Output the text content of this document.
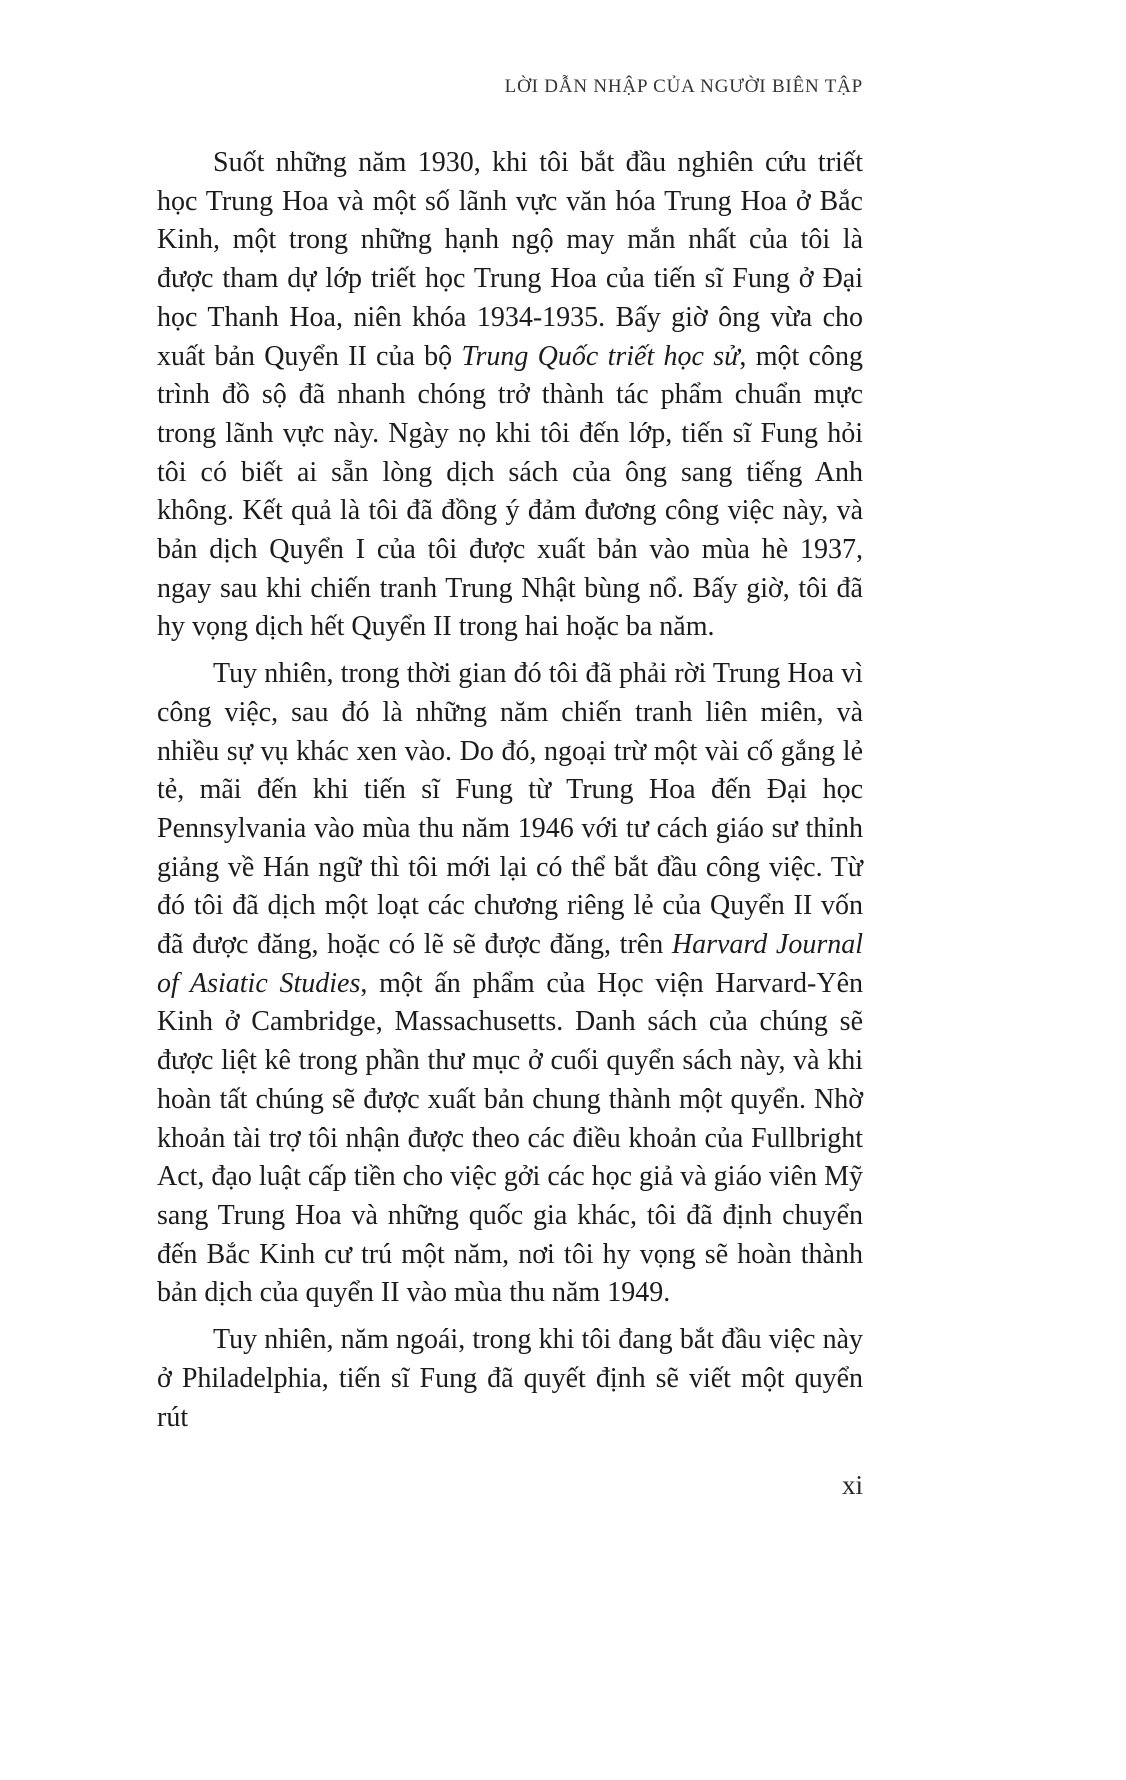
LỜI DẪN NHẬP CỦA NGƯỜI BIÊN TẬP

Suốt những năm 1930, khi tôi bắt đầu nghiên cứu triết học Trung Hoa và một số lãnh vực văn hóa Trung Hoa ở Bắc Kinh, một trong những hạnh ngộ may mắn nhất của tôi là được tham dự lớp triết học Trung Hoa của tiến sĩ Fung ở Đại học Thanh Hoa, niên khóa 1934-1935. Bấy giờ ông vừa cho xuất bản Quyển II của bộ Trung Quốc triết học sử, một công trình đồ sộ đã nhanh chóng trở thành tác phẩm chuẩn mực trong lãnh vực này. Ngày nọ khi tôi đến lớp, tiến sĩ Fung hỏi tôi có biết ai sẵn lòng dịch sách của ông sang tiếng Anh không. Kết quả là tôi đã đồng ý đảm đương công việc này, và bản dịch Quyển I của tôi được xuất bản vào mùa hè 1937, ngay sau khi chiến tranh Trung Nhật bùng nổ. Bấy giờ, tôi đã hy vọng dịch hết Quyển II trong hai hoặc ba năm.

Tuy nhiên, trong thời gian đó tôi đã phải rời Trung Hoa vì công việc, sau đó là những năm chiến tranh liên miên, và nhiều sự vụ khác xen vào. Do đó, ngoại trừ một vài cố gắng lẻ tẻ, mãi đến khi tiến sĩ Fung từ Trung Hoa đến Đại học Pennsylvania vào mùa thu năm 1946 với tư cách giáo sư thỉnh giảng về Hán ngữ thì tôi mới lại có thể bắt đầu công việc. Từ đó tôi đã dịch một loạt các chương riêng lẻ của Quyển II vốn đã được đăng, hoặc có lẽ sẽ được đăng, trên Harvard Journal of Asiatic Studies, một ấn phẩm của Học viện Harvard-Yên Kinh ở Cambridge, Massachusetts. Danh sách của chúng sẽ được liệt kê trong phần thư mục ở cuối quyển sách này, và khi hoàn tất chúng sẽ được xuất bản chung thành một quyển. Nhờ khoản tài trợ tôi nhận được theo các điều khoản của Fullbright Act, đạo luật cấp tiền cho việc gởi các học giả và giáo viên Mỹ sang Trung Hoa và những quốc gia khác, tôi đã định chuyển đến Bắc Kinh cư trú một năm, nơi tôi hy vọng sẽ hoàn thành bản dịch của quyển II vào mùa thu năm 1949.

Tuy nhiên, năm ngoái, trong khi tôi đang bắt đầu việc này ở Philadelphia, tiến sĩ Fung đã quyết định sẽ viết một quyển rút

xi
